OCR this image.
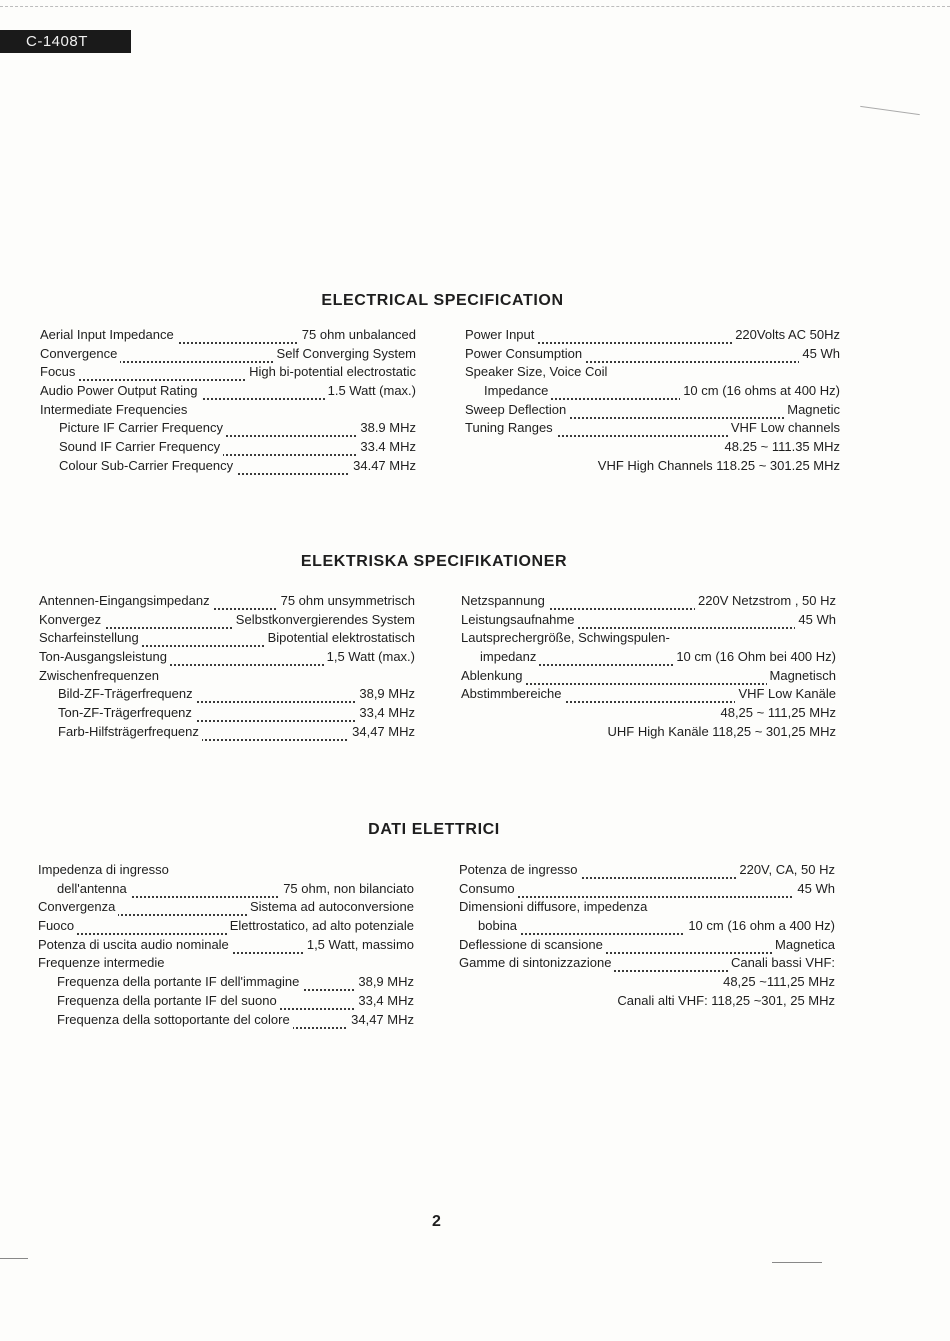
C-1408T
ELECTRICAL SPECIFICATION
Aerial Input Impedance	75 ohm unbalanced
Convergence	Self Converging System
Focus	High bi-potential electrostatic
Audio Power Output Rating	1.5 Watt (max.)
Intermediate Frequencies
Picture IF Carrier Frequency	38.9 MHz
Sound IF Carrier Frequency	33.4 MHz
Colour Sub-Carrier Frequency	34.47 MHz
Power Input	220Volts AC 50Hz
Power Consumption	45 Wh
Speaker Size, Voice Coil
Impedance	10 cm (16 ohms at 400 Hz)
Sweep Deflection	Magnetic
Tuning Ranges	VHF Low channels
48.25 ~ 111.35 MHz
VHF High Channels 118.25 ~ 301.25 MHz
ELEKTRISKA SPECIFIKATIONER
Antennen-Eingangsimpedanz	75 ohm unsymmetrisch
Konvergez	Selbstkonvergierendes System
Scharfeinstellung	Bipotential elektrostatisch
Ton-Ausgangsleistung	1,5 Watt (max.)
Zwischenfrequenzen
Bild-ZF-Trägerfrequenz	38,9 MHz
Ton-ZF-Trägerfrequenz	33,4 MHz
Farb-Hilfsträgerfrequenz	34,47 MHz
Netzspannung	220V Netzstrom , 50 Hz
Leistungsaufnahme	45 Wh
Lautsprechergröße, Schwingspulen-
impedanz	10 cm (16 Ohm bei 400 Hz)
Ablenkung	Magnetisch
Abstimmbereiche	VHF Low Kanäle
48,25 ~ 111,25 MHz
UHF High Kanäle 118,25 ~ 301,25 MHz
DATI ELETTRICI
Impedenza di ingresso
dell'antenna	75 ohm, non bilanciato
Convergenza	Sistema ad autoconversione
Fuoco	Elettrostatico, ad alto potenziale
Potenza di uscita audio nominale	1,5 Watt, massimo
Frequenze intermedie
Frequenza della portante IF dell'immagine	38,9 MHz
Frequenza della portante IF del suono	33,4 MHz
Frequenza della sottoportante del colore	34,47 MHz
Potenza de ingresso	220V, CA, 50 Hz
Consumo	45 Wh
Dimensioni diffusore, impedenza
bobina	10 cm (16 ohm a 400 Hz)
Deflessione di scansione	Magnetica
Gamme di sintonizzazione	Canali bassi VHF:
48,25 ~111,25 MHz
Canali alti VHF: 118,25 ~301, 25 MHz
2
